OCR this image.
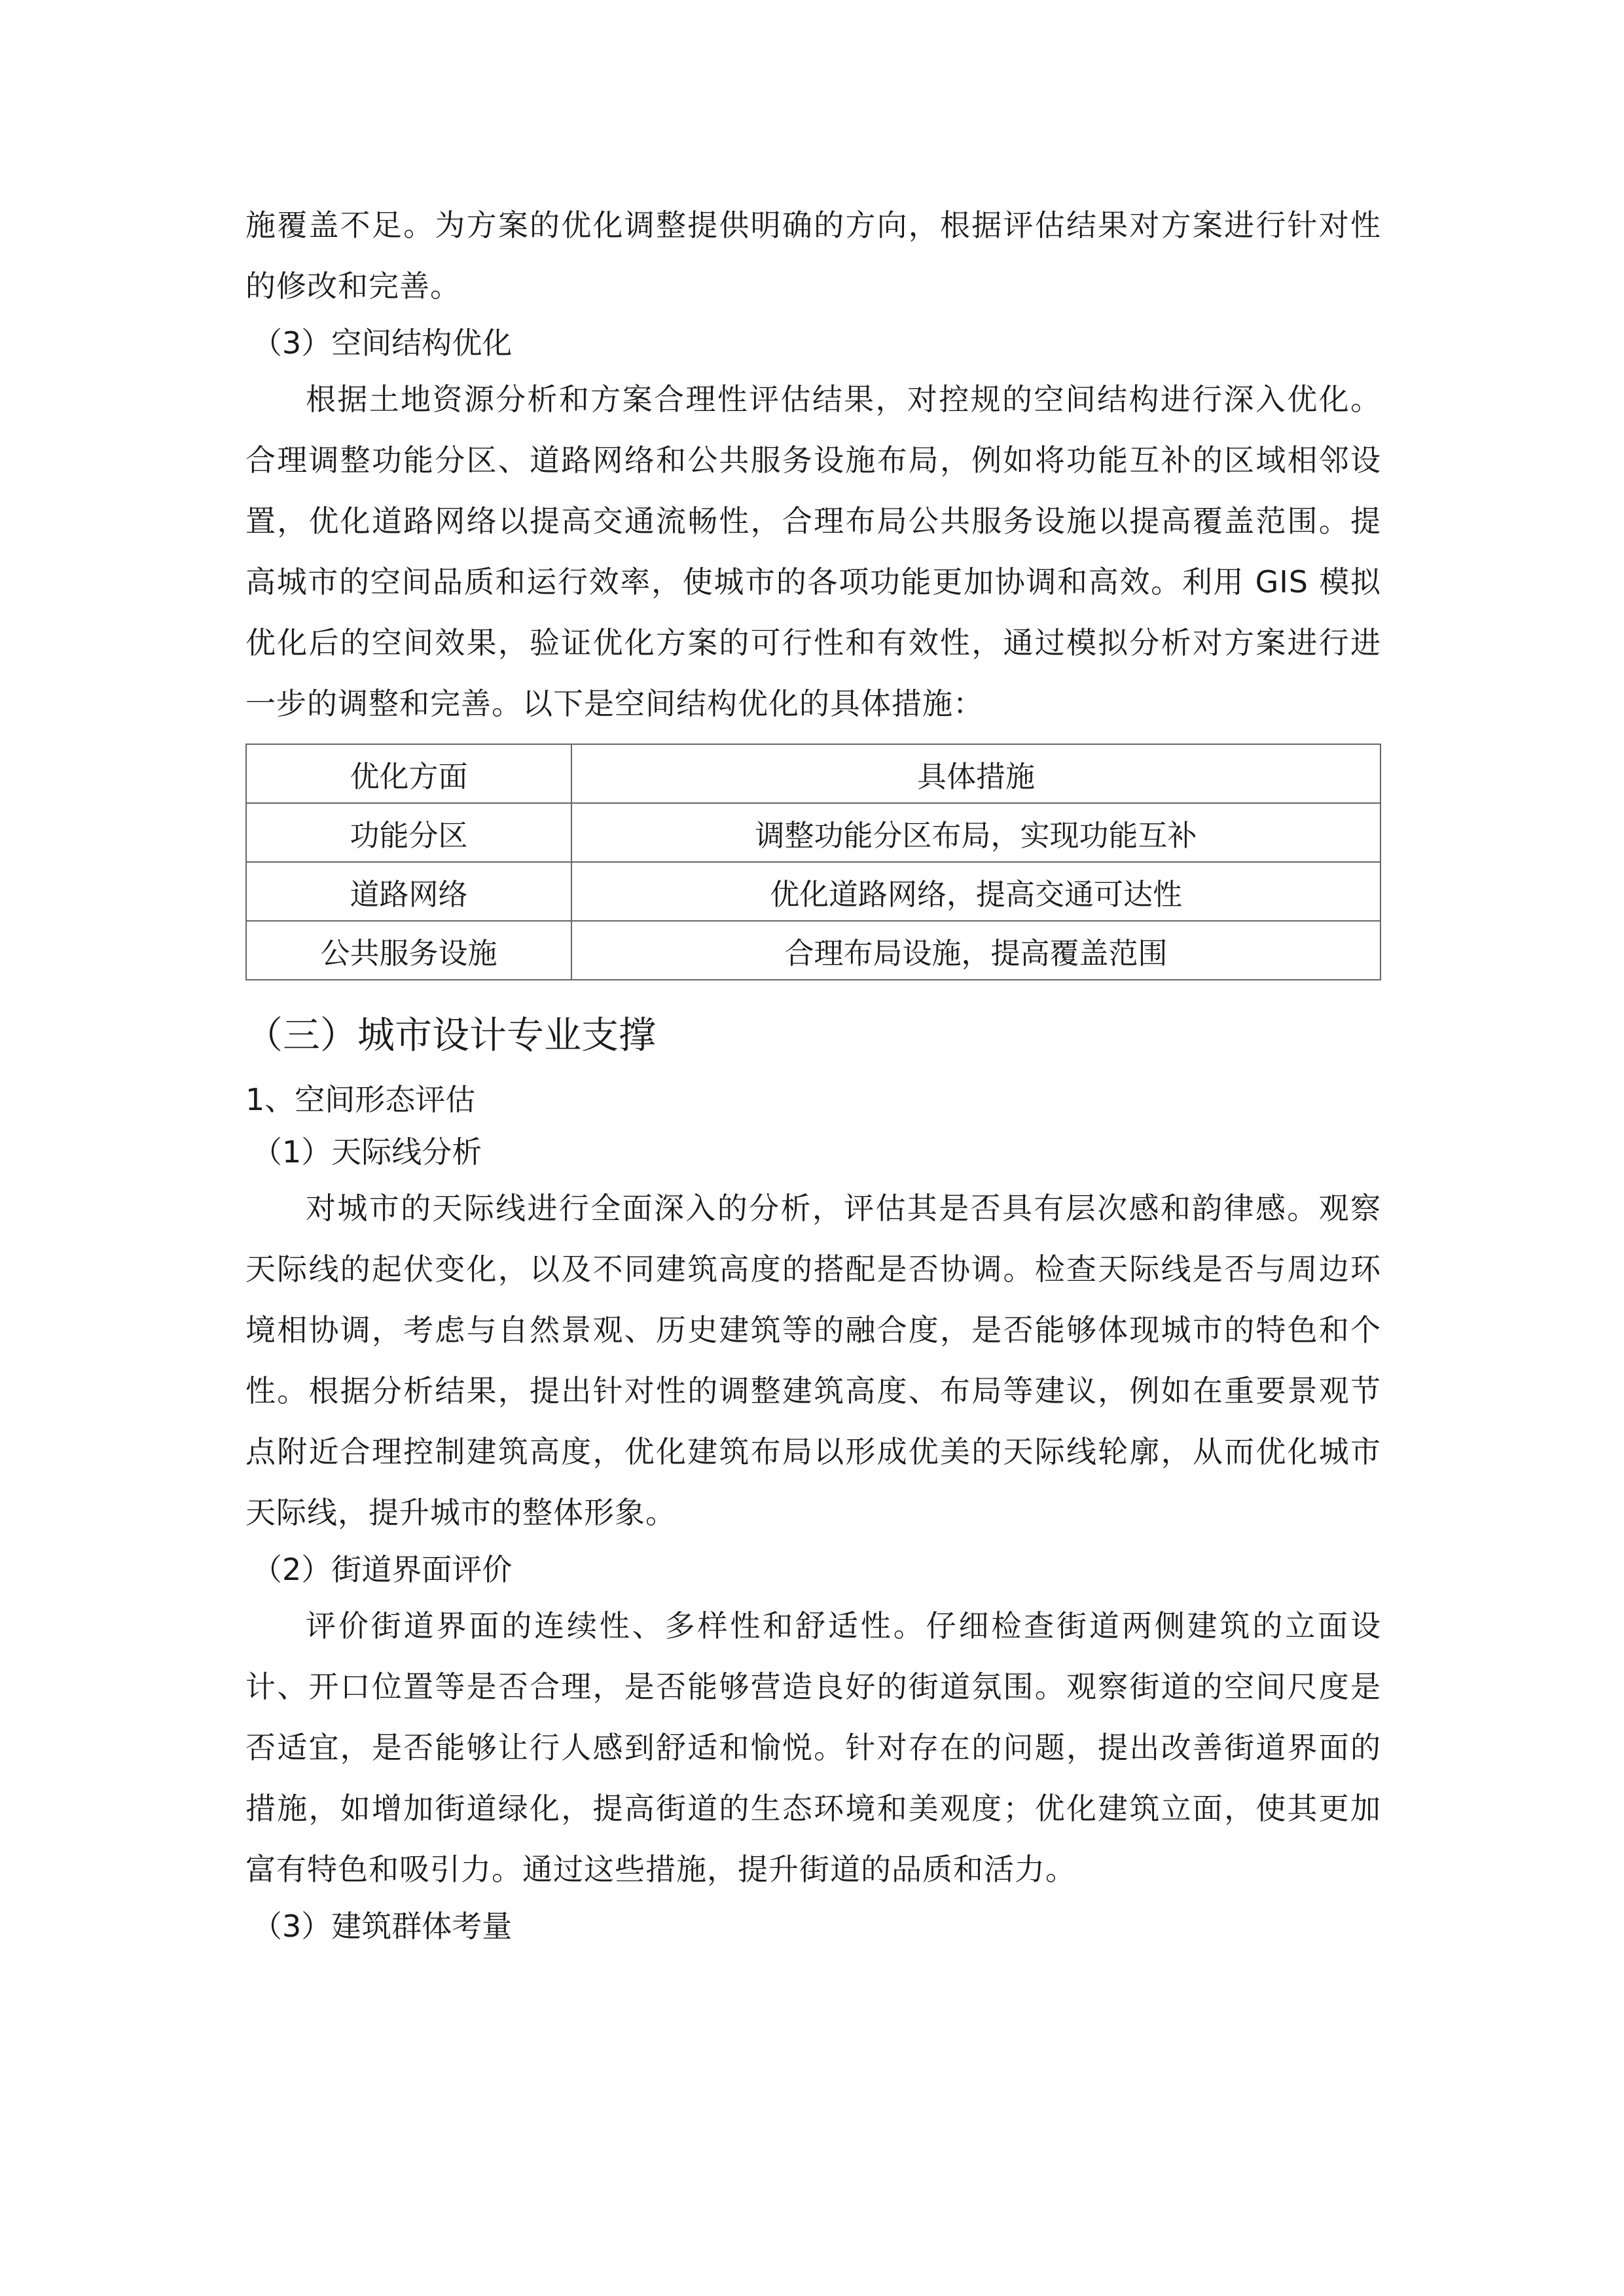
施覆盖不足。为方案的优化调整提供明确的方向，根据评估结果对方案进行针对性的修改和完善。

（3）空间结构优化

根据土地资源分析和方案合理性评估结果，对控规的空间结构进行深入优化。合理调整功能分区、道路网络和公共服务设施布局，例如将功能互补的区域相邻设置，优化道路网络以提高交通流畅性，合理布局公共服务设施以提高覆盖范围。提高城市的空间品质和运行效率，使城市的各项功能更加协调和高效。利用 GIS 模拟优化后的空间效果，验证优化方案的可行性和有效性，通过模拟分析对方案进行进一步的调整和完善。以下是空间结构优化的具体措施：

优化方面	具体措施
功能分区	调整功能分区布局，实现功能互补
道路网络	优化道路网络，提高交通可达性
公共服务设施	合理布局设施，提高覆盖范围

（三）城市设计专业支撑

1、空间形态评估

（1）天际线分析

对城市的天际线进行全面深入的分析，评估其是否具有层次感和韵律感。观察天际线的起伏变化，以及不同建筑高度的搭配是否协调。检查天际线是否与周边环境相协调，考虑与自然景观、历史建筑等的融合度，是否能够体现城市的特色和个性。根据分析结果，提出针对性的调整建筑高度、布局等建议，例如在重要景观节点附近合理控制建筑高度，优化建筑布局以形成优美的天际线轮廓，从而优化城市天际线，提升城市的整体形象。

（2）街道界面评价

评价街道界面的连续性、多样性和舒适性。仔细检查街道两侧建筑的立面设计、开口位置等是否合理，是否能够营造良好的街道氛围。观察街道的空间尺度是否适宜，是否能够让行人感到舒适和愉悦。针对存在的问题，提出改善街道界面的措施，如增加街道绿化，提高街道的生态环境和美观度；优化建筑立面，使其更加富有特色和吸引力。通过这些措施，提升街道的品质和活力。

（3）建筑群体考量
